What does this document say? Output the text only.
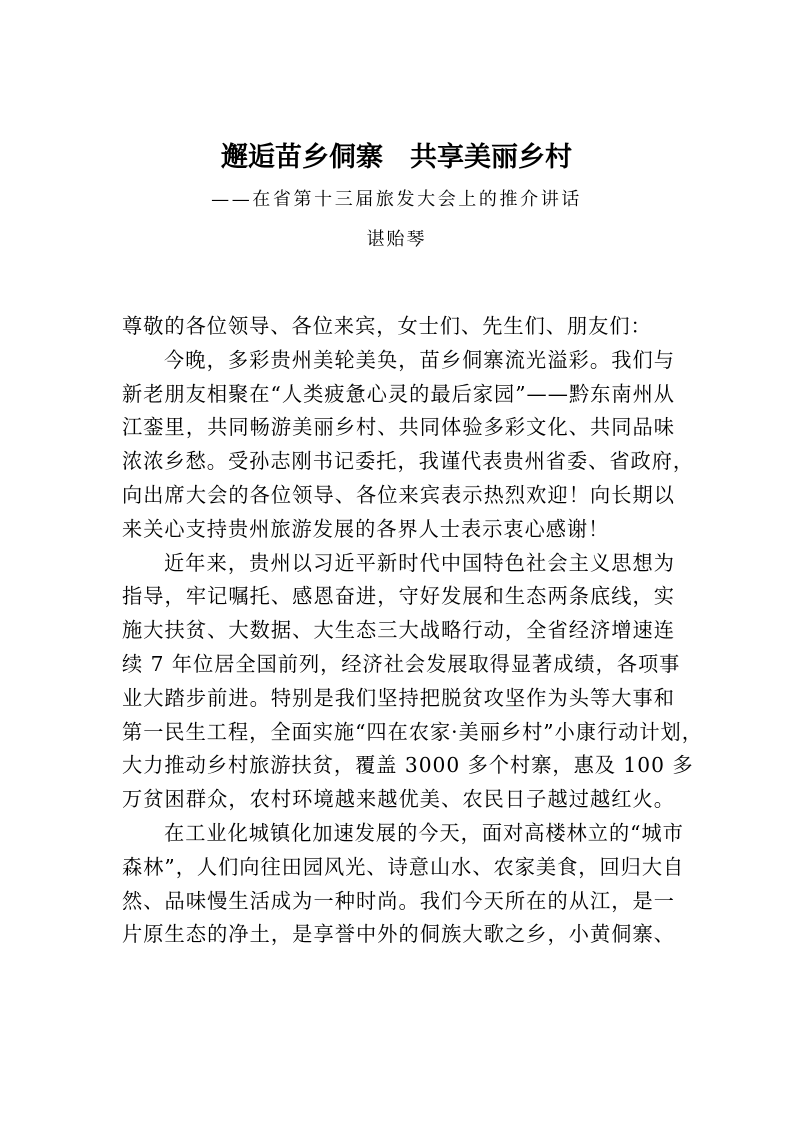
邂逅苗乡侗寨　共享美丽乡村
——在省第十三届旅发大会上的推介讲话
谌贻琴
尊敬的各位领导、各位来宾，女士们、先生们、朋友们：
今晚，多彩贵州美轮美奂，苗乡侗寨流光溢彩。我们与
新老朋友相聚在“人类疲惫心灵的最后家园”——黔东南州从
江銮里，共同畅游美丽乡村、共同体验多彩文化、共同品味
浓浓乡愁。受孙志刚书记委托，我谨代表贵州省委、省政府，
向出席大会的各位领导、各位来宾表示热烈欢迎！向长期以
来关心支持贵州旅游发展的各界人士表示衷心感谢！
近年来，贵州以习近平新时代中国特色社会主义思想为
指导，牢记嘱托、感恩奋进，守好发展和生态两条底线，实
施大扶贫、大数据、大生态三大战略行动，全省经济增速连
续 7 年位居全国前列，经济社会发展取得显著成绩，各项事
业大踏步前进。特别是我们坚持把脱贫攻坚作为头等大事和
第一民生工程，全面实施“四在农家·美丽乡村”小康行动计划，
大力推动乡村旅游扶贫，覆盖 3000 多个村寨，惠及 100 多
万贫困群众，农村环境越来越优美、农民日子越过越红火。
在工业化城镇化加速发展的今天，面对高楼林立的“城市
森林”，人们向往田园风光、诗意山水、农家美食，回归大自
然、品味慢生活成为一种时尚。我们今天所在的从江，是一
片原生态的净土，是享誉中外的侗族大歌之乡，小黄侗寨、
